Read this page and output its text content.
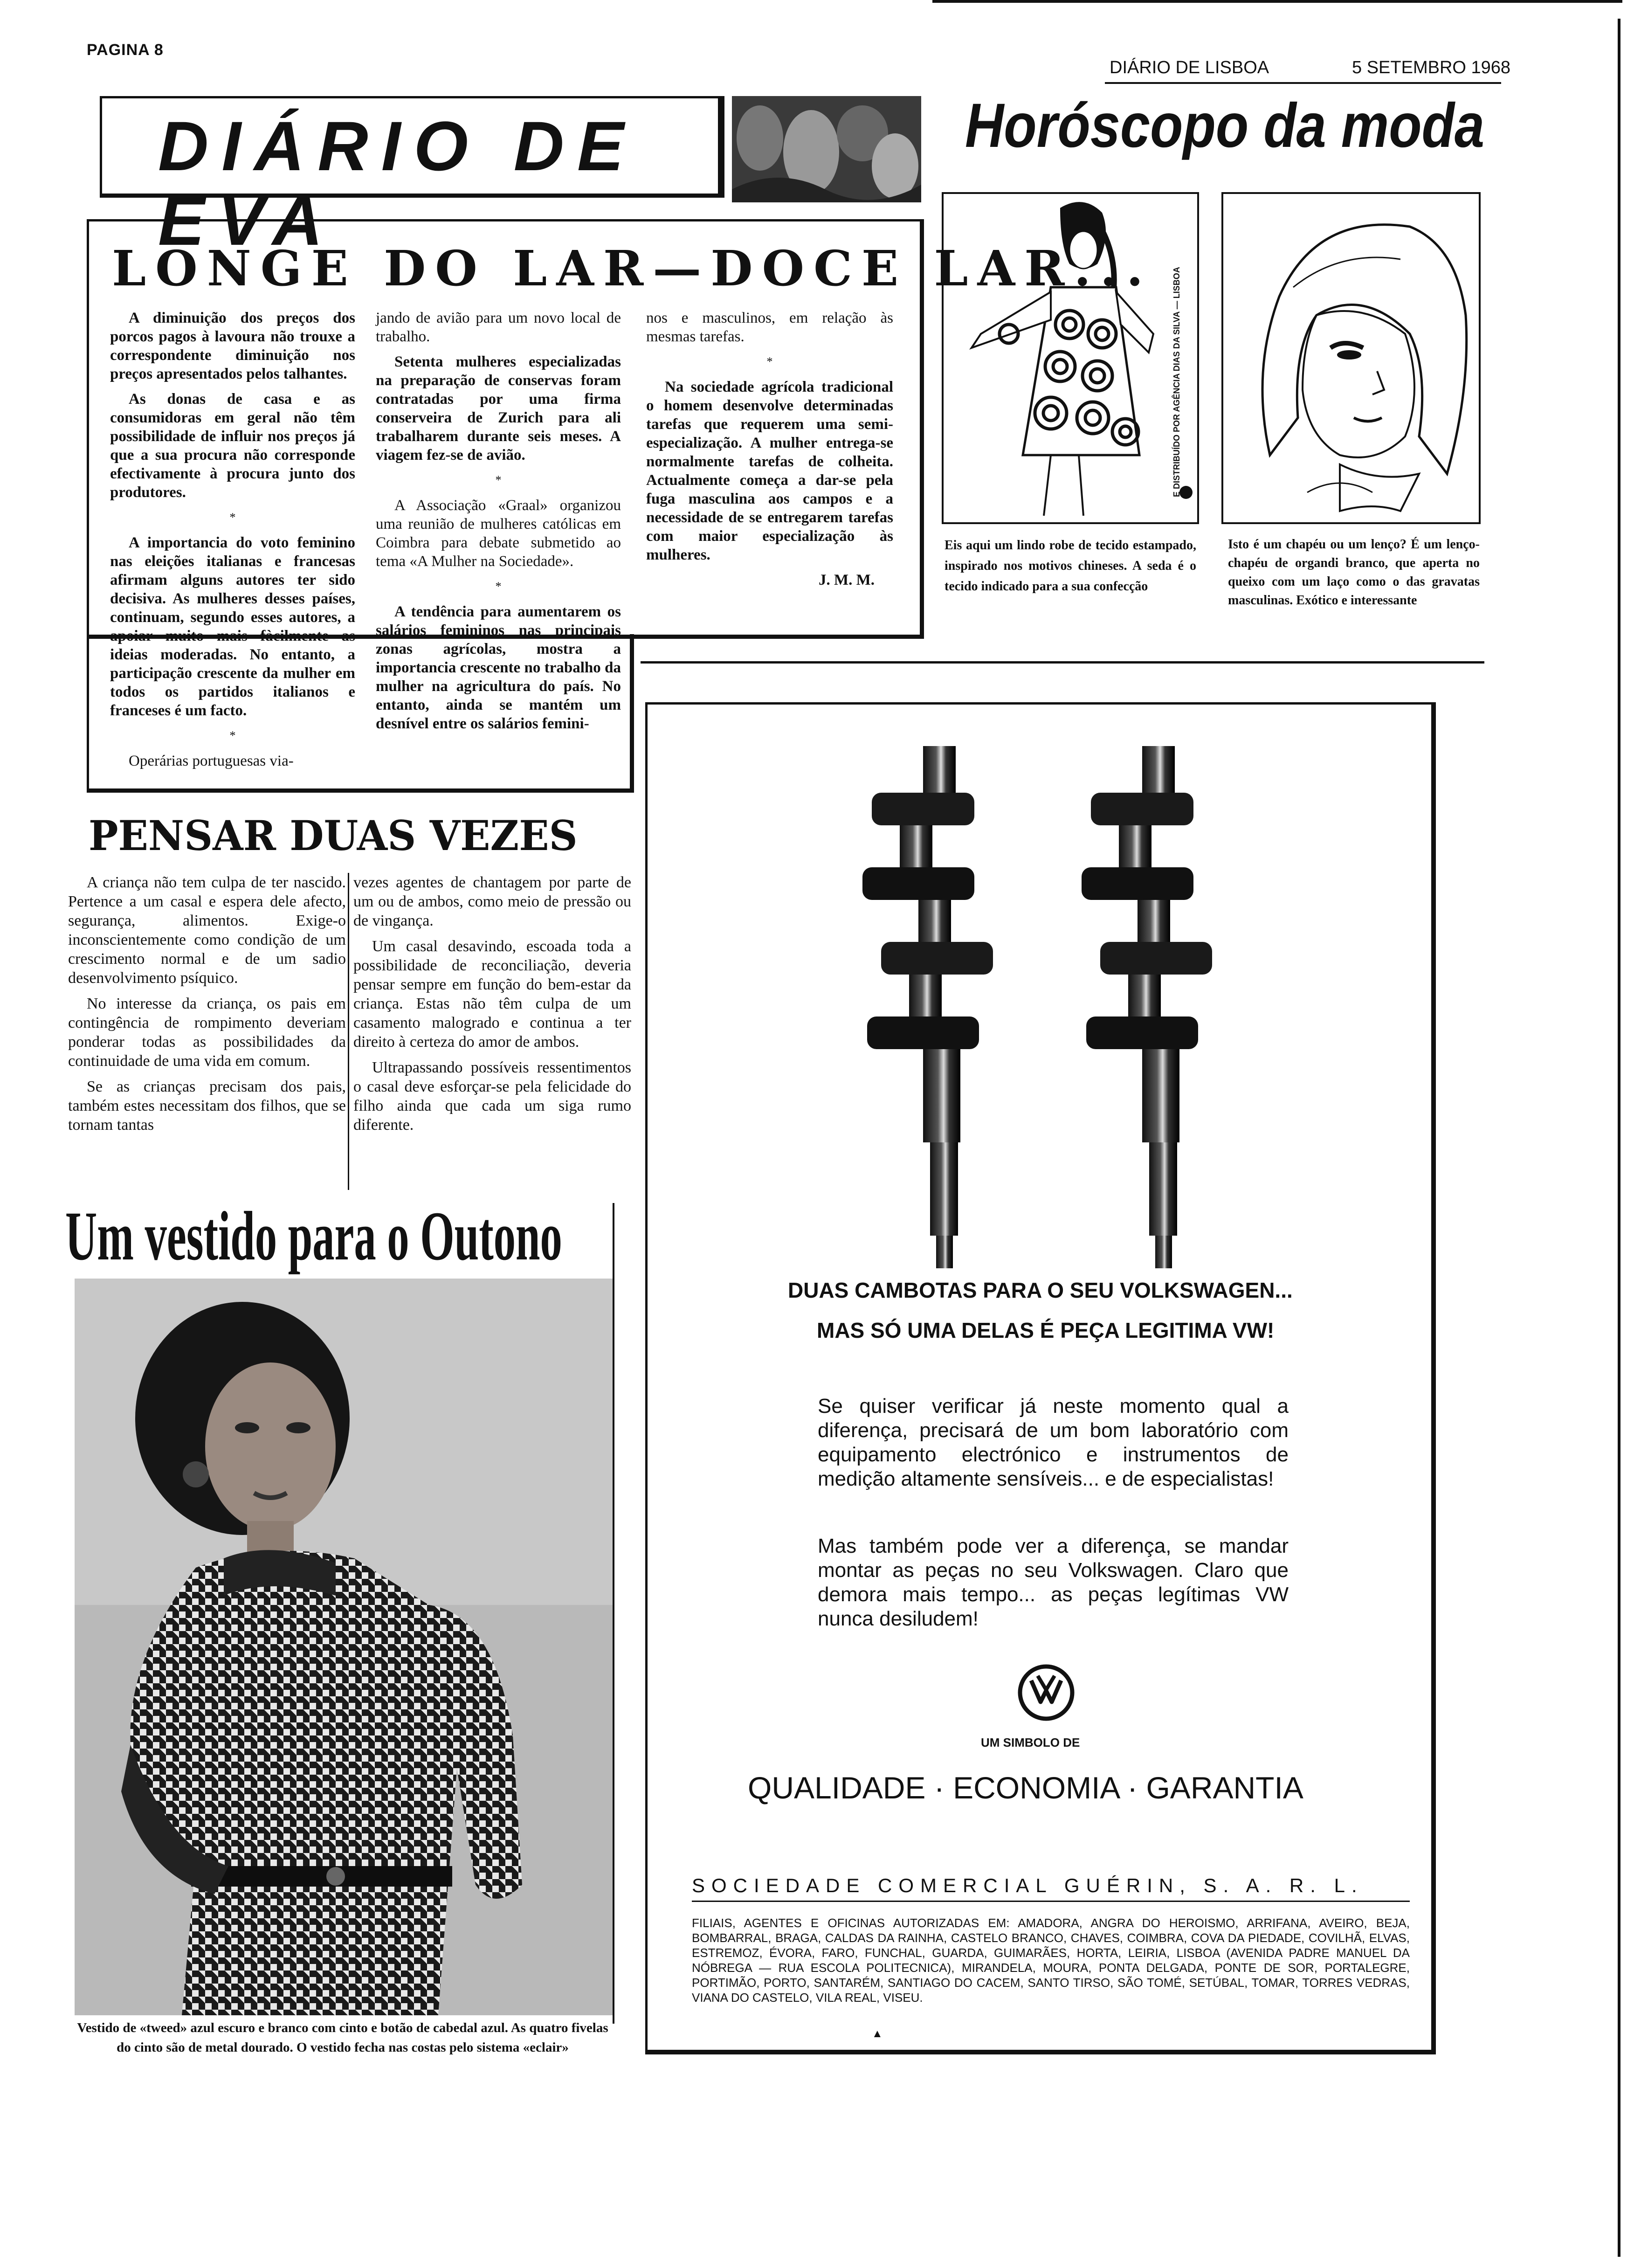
PAGINA 8
DIÁRIO DE LISBOA	5 SETEMBRO 1968
DIÁRIO DE EVA
Horóscopo da moda
E DISTRIBUÍDO POR AGÊNCIA DIAS DA SILVA — LISBOA
Eis aqui um lindo robe de tecido estampado, inspirado nos motivos chineses. A seda é o tecido indicado para a sua confecção
Isto é um chapéu ou um lenço? É um lenço-chapéu de organdi branco, que aperta no queixo com um laço como o das gravatas masculinas. Exótico e interessante
LONGE DO LAR—DOCE LAR...

A diminuição dos preços dos porcos pagos à lavoura não trouxe a correspondente diminuição nos preços apresentados pelos talhantes.

As donas de casa e as consumidoras em geral não têm possibilidade de influir nos preços já que a sua procura não corresponde efectivamente à procura junto dos produtores.

*

A importancia do voto feminino nas eleições italianas e francesas afirmam alguns autores ter sido decisiva. As mulheres desses países, continuam, segundo esses autores, a apoiar muito mais fàcilmente as ideias moderadas. No entanto, a participação crescente da mulher em todos os partidos italianos e franceses é um facto.

*

Operárias portuguesas via-

jando de avião para um novo local de trabalho.

Setenta mulheres especializadas na preparação de conservas foram contratadas por uma firma conserveira de Zurich para ali trabalharem durante seis meses. A viagem fez-se de avião.

*

A Associação «Graal» organizou uma reunião de mulheres católicas em Coimbra para debate submetido ao tema «A Mulher na Sociedade».

*

A tendência para aumentarem os salários femininos nas principais zonas agrícolas, mostra a importancia crescente no trabalho da mulher na agricultura do país. No entanto, ainda se mantém um desnível entre os salários femini-

nos e masculinos, em relação às mesmas tarefas.

*

Na sociedade agrícola tradicional o homem desenvolve determinadas tarefas que requerem uma semi-especialização. A mulher entrega-se normalmente tarefas de colheita. Actualmente começa a dar-se pela fuga masculina aos campos e a necessidade de se entregarem tarefas com maior especialização às mulheres.

J. M. M.

PENSAR DUAS VEZES

A criança não tem culpa de ter nascido. Pertence a um casal e espera dele afecto, segurança, alimentos. Exige-o inconscientemente como condição de um crescimento normal e de um sadio desenvolvimento psíquico.

No interesse da criança, os pais em contingência de rompimento deveriam ponderar todas as possibilidades da continuidade de uma vida em comum.

Se as crianças precisam dos pais, também estes necessitam dos filhos, que se tornam tantas

vezes agentes de chantagem por parte de um ou de ambos, como meio de pressão ou de vingança.

Um casal desavindo, escoada toda a possibilidade de reconciliação, deveria pensar sempre em função do bem-estar da criança. Estas não têm culpa de um casamento malogrado e continua a ter direito à certeza do amor de ambos.

Ultrapassando possíveis ressentimentos o casal deve esforçar-se pela felicidade do filho ainda que cada um siga rumo diferente.

Um vestido para o Outono
Vestido de «tweed» azul escuro e branco com cinto e botão de cabedal azul. As quatro fivelas do cinto são de metal dourado. O vestido fecha nas costas pelo sistema «eclair»
DUAS CAMBOTAS PARA O SEU VOLKSWAGEN...
MAS SÓ UMA DELAS É PEÇA LEGITIMA VW!
Se quiser verificar já neste momento qual a diferença, precisará de um bom laboratório com equipamento electrónico e instrumentos de medição altamente sensíveis... e de especialistas!
Mas também pode ver a diferença, se mandar montar as peças no seu Volkswagen. Claro que demora mais tempo... as peças legítimas VW nunca desiludem!
UM SIMBOLO DE
QUALIDADE · ECONOMIA · GARANTIA
SOCIEDADE COMERCIAL GUÉRIN, S. A. R. L.
FILIAIS, AGENTES E OFICINAS AUTORIZADAS EM: AMADORA, ANGRA DO HEROISMO, ARRIFANA, AVEIRO, BEJA, BOMBARRAL, BRAGA, CALDAS DA RAINHA, CASTELO BRANCO, CHAVES, COIMBRA, COVA DA PIEDADE, COVILHÃ, ELVAS, ESTREMOZ, ÉVORA, FARO, FUNCHAL, GUARDA, GUIMARÃES, HORTA, LEIRIA, LISBOA (AVENIDA PADRE MANUEL DA NÓBREGA — RUA ESCOLA POLITECNICA), MIRANDELA, MOURA, PONTA DELGADA, PONTE DE SOR, PORTALEGRE, PORTIMÃO, PORTO, SANTARÉM, SANTIAGO DO CACEM, SANTO TIRSO, SÃO TOMÉ, SETÚBAL, TOMAR, TORRES VEDRAS, VIANA DO CASTELO, VILA REAL, VISEU.
▲
